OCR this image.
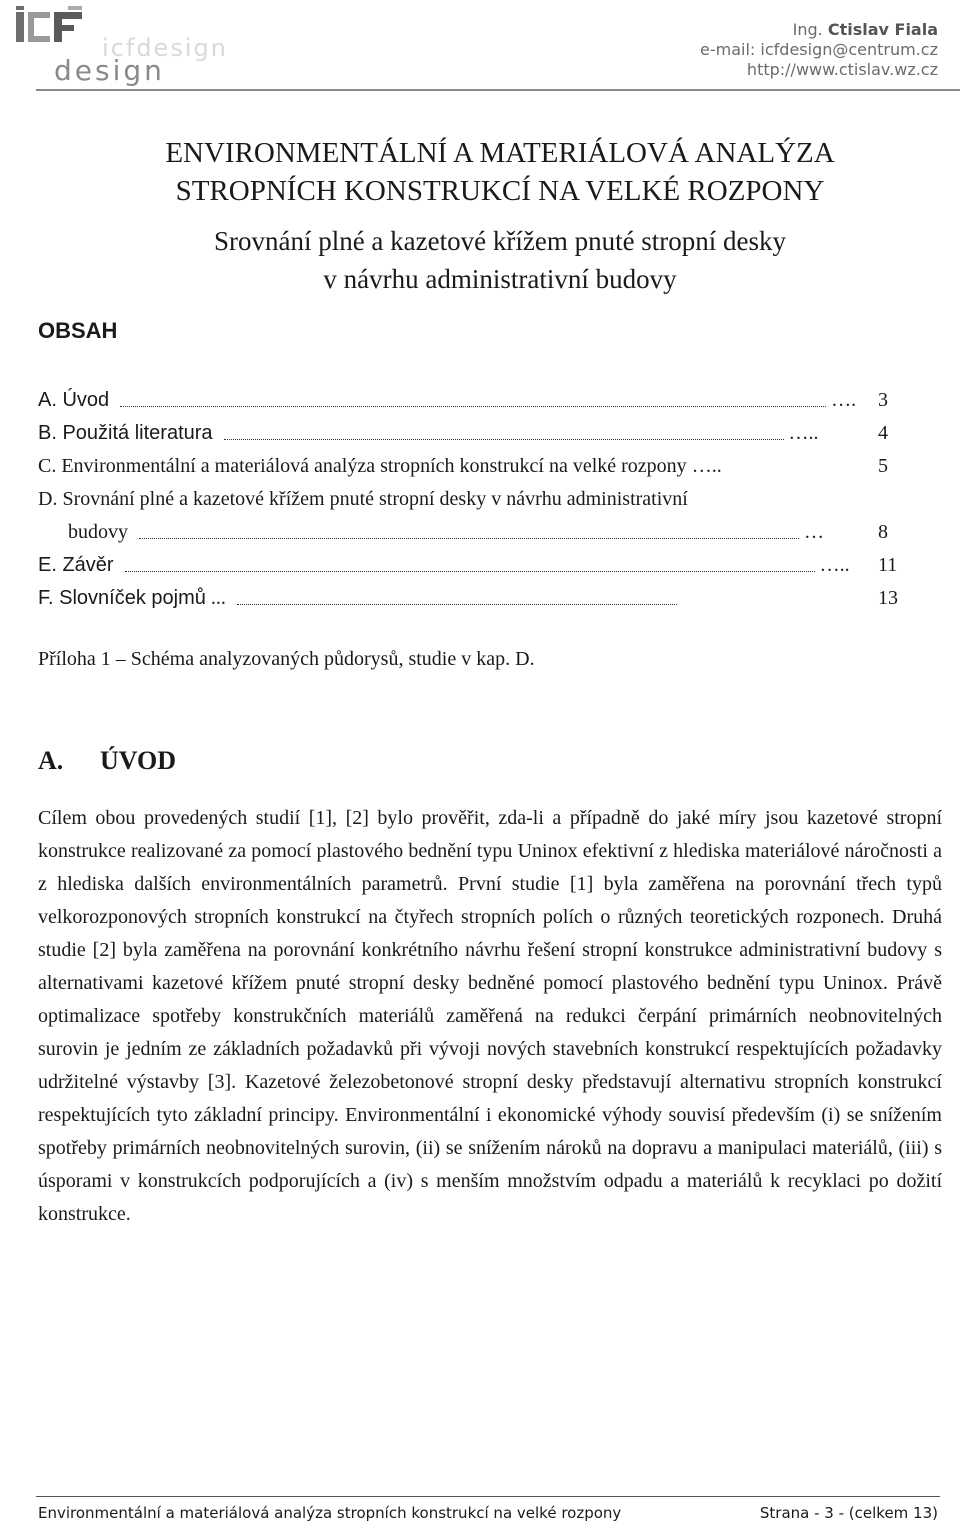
icfdesign
design
Ing. Ctislav Fiala
e-mail: icfdesign@centrum.cz
http://www.ctislav.wz.cz
ENVIRONMENTÁLNÍ A MATERIÁLOVÁ ANALÝZA
STROPNÍCH KONSTRUKCÍ NA VELKÉ ROZPONY
Srovnání plné a kazetové křížem pnuté stropní desky
v návrhu administrativní budovy
OBSAH
A. Úvod	…. 3
B. Použitá literatura	…..	4
C. Environmentální a materiálová analýza stropních konstrukcí na velké rozpony …..	5
D. Srovnání plné a kazetové křížem pnuté stropní desky v návrhu administrativní
budovy	…	8
E. Závěr	….. 11
F. Slovníček pojmů ...	13
Příloha 1 – Schéma analyzovaných půdorysů, studie v kap. D.
A. ÚVOD
Cílem obou provedených studií [1], [2] bylo prověřit, zda-li a případně do jaké míry jsou kazetové stropní konstrukce realizované za pomocí plastového bednění typu Uninox efektivní z hlediska materiálové náročnosti a z hlediska dalších environmentálních parametrů. První studie [1] byla zaměřena na porovnání třech typů velkorozponových stropních konstrukcí na čtyřech stropních polích o různých teoretických rozponech. Druhá studie [2] byla zaměřena na porovnání konkrétního návrhu řešení stropní konstrukce administrativní budovy s alternativami kazetové křížem pnuté stropní desky bedněné pomocí plastového bednění typu Uninox. Právě optimalizace spotřeby konstrukčních materiálů zaměřená na redukci čerpání primárních neobnovitelných surovin je jedním ze základních požadavků při vývoji nových stavebních konstrukcí respektujících požadavky udržitelné výstavby [3]. Kazetové železobetonové stropní desky představují alternativu stropních konstrukcí respektujících tyto základní principy. Environmentální i ekonomické výhody souvisí především (i) se snížením spotřeby primárních neobnovitelných surovin, (ii) se snížením nároků na dopravu a manipulaci materiálů, (iii) s úsporami v konstrukcích podporujících a (iv) s menším množstvím odpadu a materiálů k recyklaci po dožití konstrukce.
Environmentální a materiálová analýza stropních konstrukcí na velké rozpony	Strana - 3 - (celkem 13)
